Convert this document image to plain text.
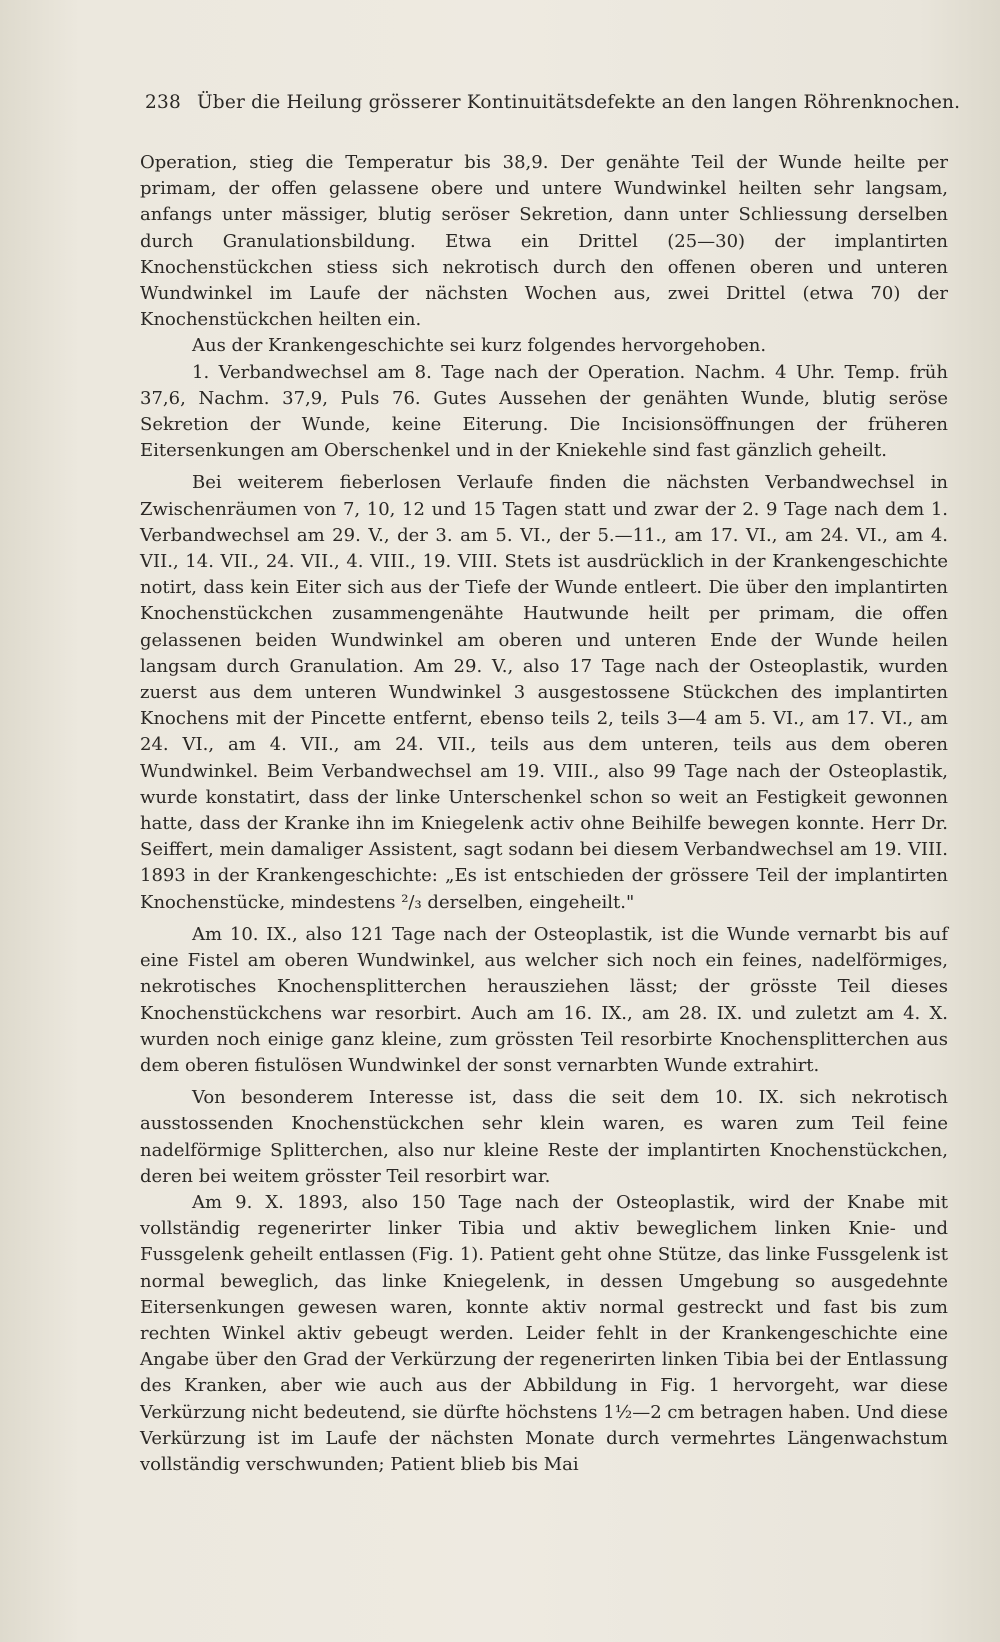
238 Über die Heilung grösserer Kontinuitätsdefekte an den langen Röhrenknochen.

Operation, stieg die Temperatur bis 38,9. Der genähte Teil der Wunde heilte per primam, der offen gelassene obere und untere Wundwinkel heilten sehr langsam, anfangs unter mässiger, blutig seröser Sekretion, dann unter Schliessung derselben durch Granulationsbildung. Etwa ein Drittel (25—30) der implantirten Knochenstückchen stiess sich nekrotisch durch den offenen oberen und unteren Wundwinkel im Laufe der nächsten Wochen aus, zwei Drittel (etwa 70) der Knochenstückchen heilten ein.

Aus der Krankengeschichte sei kurz folgendes hervorgehoben.

1. Verbandwechsel am 8. Tage nach der Operation. Nachm. 4 Uhr. Temp. früh 37,6, Nachm. 37,9, Puls 76. Gutes Aussehen der genähten Wunde, blutig seröse Sekretion der Wunde, keine Eiterung. Die Incisionsöffnungen der früheren Eitersenkungen am Oberschenkel und in der Kniekehle sind fast gänzlich geheilt.

Bei weiterem fieberlosen Verlaufe finden die nächsten Verbandwechsel in Zwischenräumen von 7, 10, 12 und 15 Tagen statt und zwar der 2. 9 Tage nach dem 1. Verbandwechsel am 29. V., der 3. am 5. VI., der 5.—11., am 17. VI., am 24. VI., am 4. VII., 14. VII., 24. VII., 4. VIII., 19. VIII. Stets ist ausdrücklich in der Krankengeschichte notirt, dass kein Eiter sich aus der Tiefe der Wunde entleert. Die über den implantirten Knochenstückchen zusammengenähte Hautwunde heilt per primam, die offen gelassenen beiden Wundwinkel am oberen und unteren Ende der Wunde heilen langsam durch Granulation. Am 29. V., also 17 Tage nach der Osteoplastik, wurden zuerst aus dem unteren Wundwinkel 3 ausgestossene Stückchen des implantirten Knochens mit der Pincette entfernt, ebenso teils 2, teils 3—4 am 5. VI., am 17. VI., am 24. VI., am 4. VII., am 24. VII., teils aus dem unteren, teils aus dem oberen Wundwinkel. Beim Verbandwechsel am 19. VIII., also 99 Tage nach der Osteoplastik, wurde konstatirt, dass der linke Unterschenkel schon so weit an Festigkeit gewonnen hatte, dass der Kranke ihn im Kniegelenk activ ohne Beihilfe bewegen konnte. Herr Dr. Seiffert, mein damaliger Assistent, sagt sodann bei diesem Verbandwechsel am 19. VIII. 1893 in der Krankengeschichte: „Es ist entschieden der grössere Teil der implantirten Knochenstücke, mindestens ²/₃ derselben, eingeheilt."

Am 10. IX., also 121 Tage nach der Osteoplastik, ist die Wunde vernarbt bis auf eine Fistel am oberen Wundwinkel, aus welcher sich noch ein feines, nadelförmiges, nekrotisches Knochensplitterchen herausziehen lässt; der grösste Teil dieses Knochenstückchens war resorbirt. Auch am 16. IX., am 28. IX. und zuletzt am 4. X. wurden noch einige ganz kleine, zum grössten Teil resorbirte Knochensplitterchen aus dem oberen fistulösen Wundwinkel der sonst vernarbten Wunde extrahirt.

Von besonderem Interesse ist, dass die seit dem 10. IX. sich nekrotisch ausstossenden Knochenstückchen sehr klein waren, es waren zum Teil feine nadelförmige Splitterchen, also nur kleine Reste der implantirten Knochenstückchen, deren bei weitem grösster Teil resorbirt war.

Am 9. X. 1893, also 150 Tage nach der Osteoplastik, wird der Knabe mit vollständig regenerirter linker Tibia und aktiv beweglichem linken Knie- und Fussgelenk geheilt entlassen (Fig. 1). Patient geht ohne Stütze, das linke Fussgelenk ist normal beweglich, das linke Kniegelenk, in dessen Umgebung so ausgedehnte Eitersenkungen gewesen waren, konnte aktiv normal gestreckt und fast bis zum rechten Winkel aktiv gebeugt werden. Leider fehlt in der Krankengeschichte eine Angabe über den Grad der Verkürzung der regenerirten linken Tibia bei der Entlassung des Kranken, aber wie auch aus der Abbildung in Fig. 1 hervorgeht, war diese Verkürzung nicht bedeutend, sie dürfte höchstens 1½—2 cm betragen haben. Und diese Verkürzung ist im Laufe der nächsten Monate durch vermehrtes Längenwachstum vollständig verschwunden; Patient blieb bis Mai
